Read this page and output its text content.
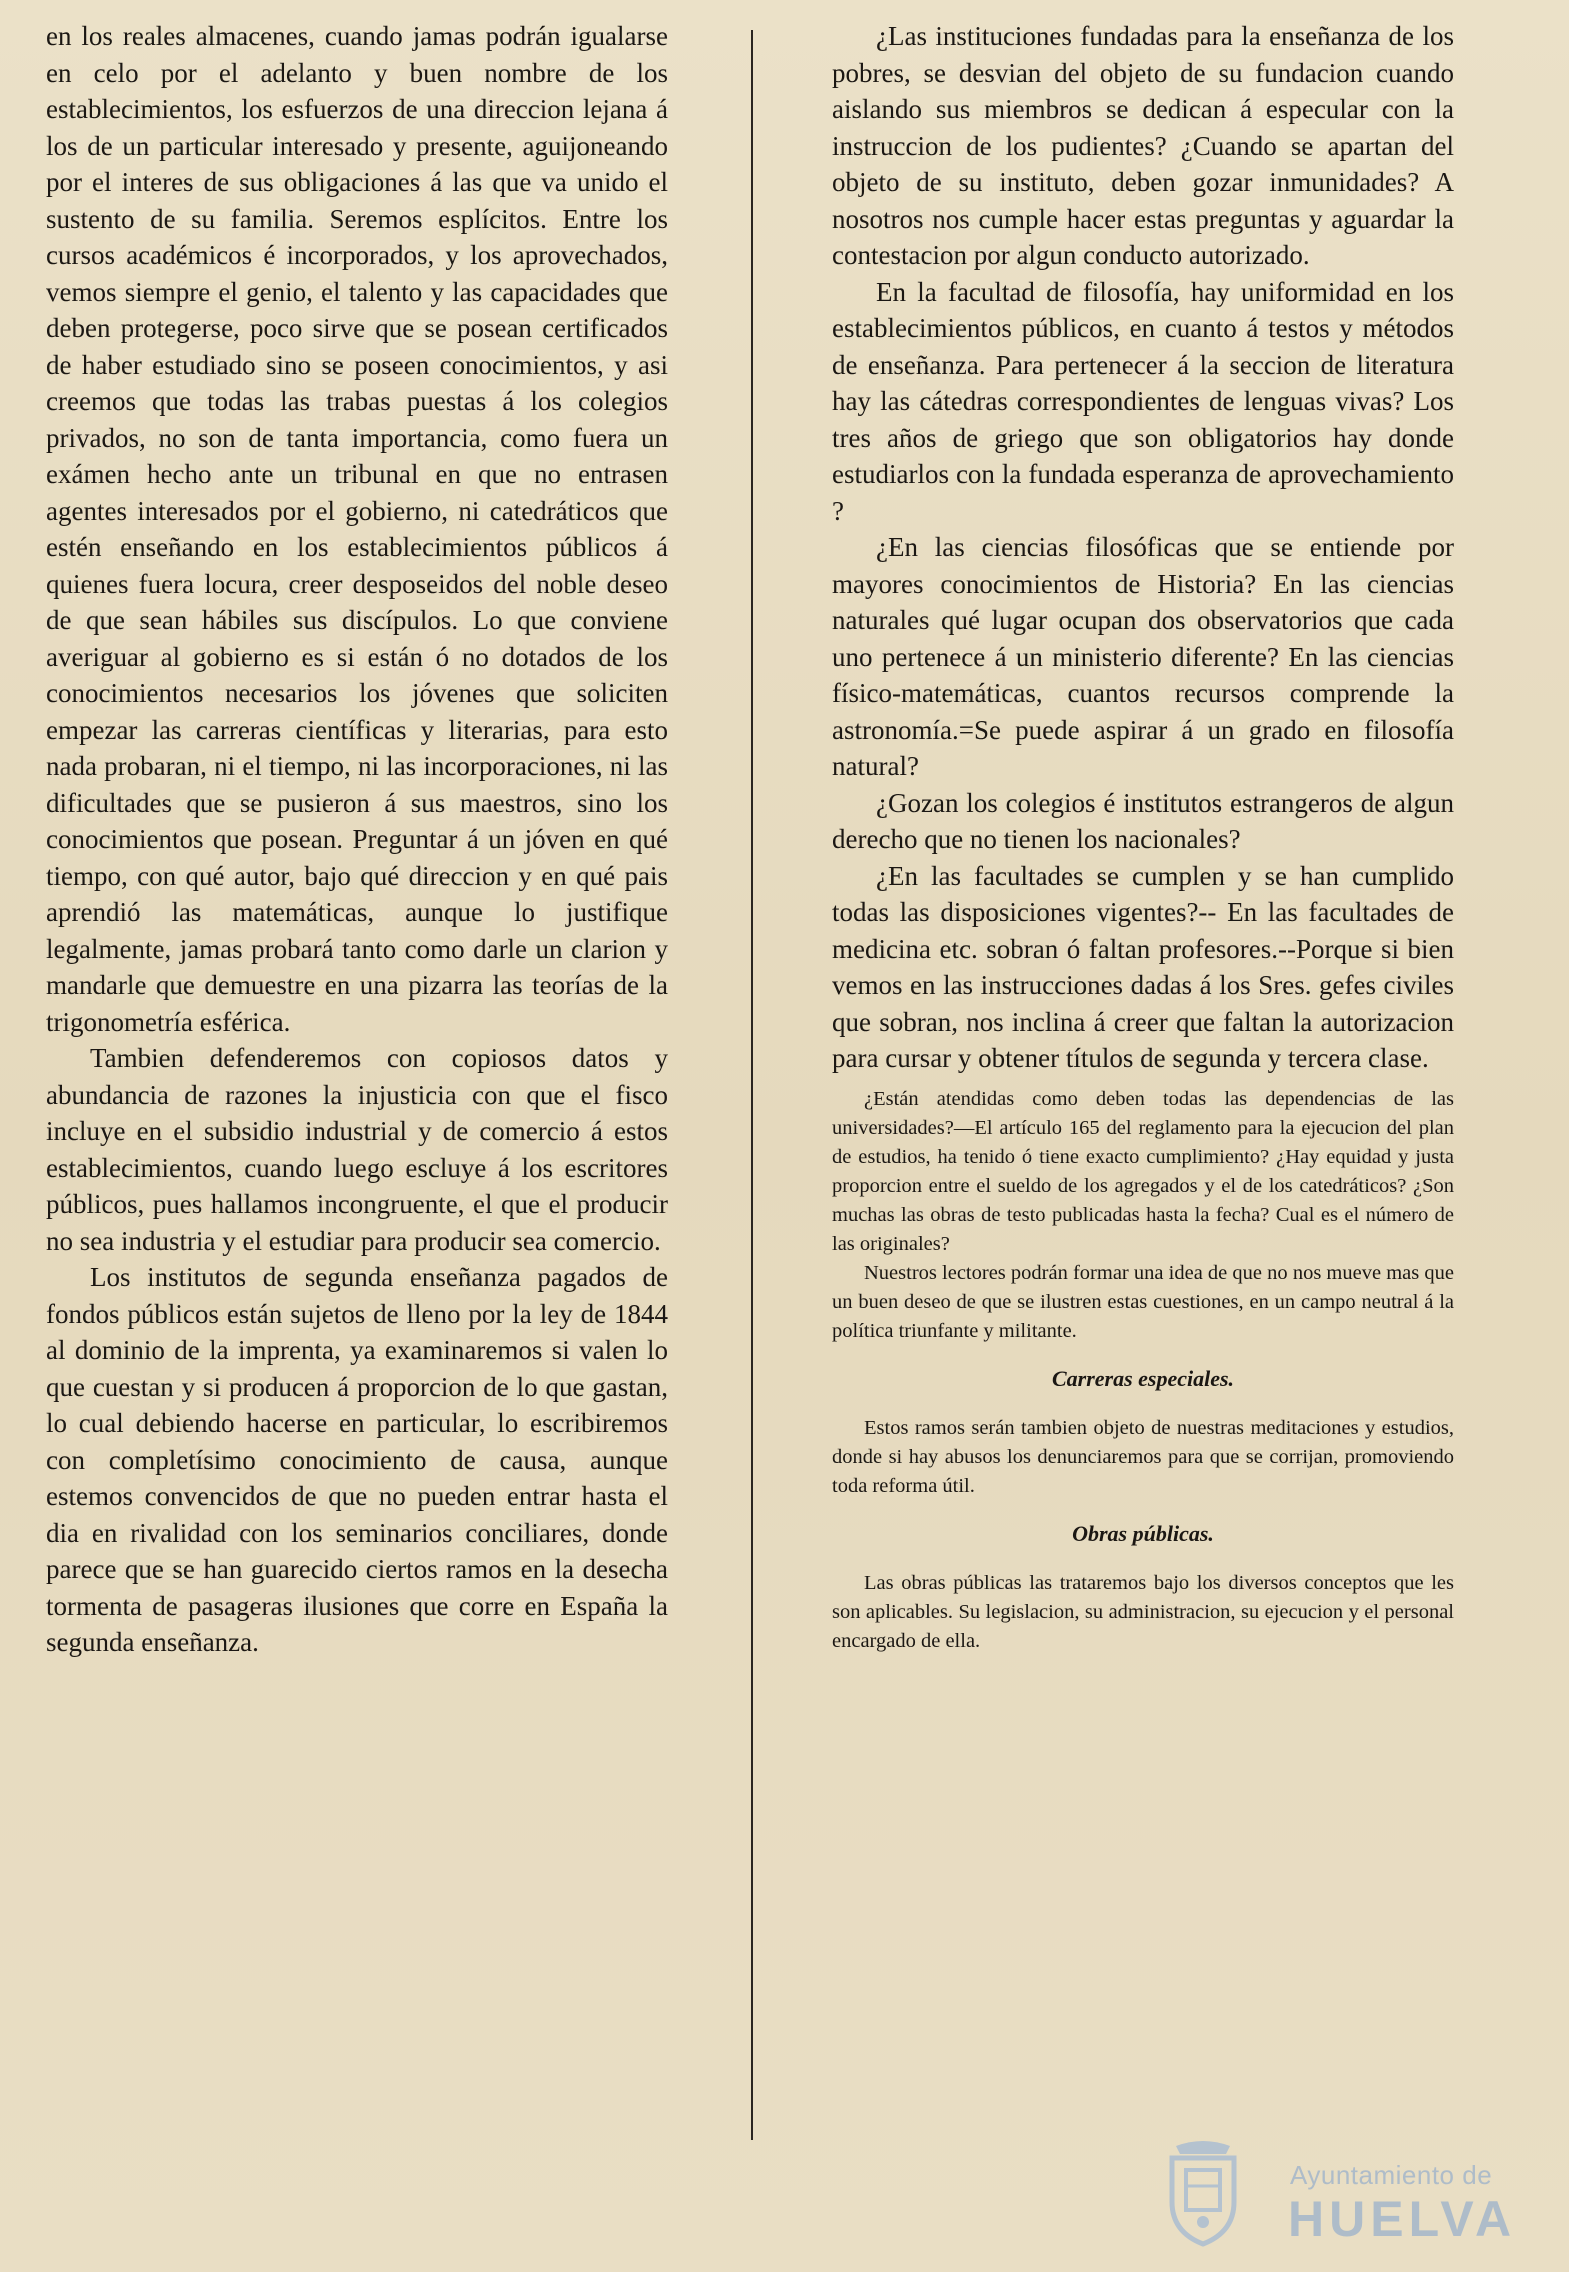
en los reales almacenes, cuando jamas podrán igualarse en celo por el adelanto y buen nombre de los establecimientos, los esfuerzos de una direccion lejana á los de un particular interesado y presente, aguijoneando por el interes de sus obligaciones á las que va unido el sustento de su familia. Seremos esplícitos. Entre los cursos académicos é incorporados, y los aprovechados, vemos siempre el genio, el talento y las capacidades que deben protegerse, poco sirve que se posean certificados de haber estudiado sino se poseen conocimientos, y asi creemos que todas las trabas puestas á los colegios privados, no son de tanta importancia, como fuera un exámen hecho ante un tribunal en que no entrasen agentes interesados por el gobierno, ni catedráticos que estén enseñando en los establecimientos públicos á quienes fuera locura, creer desposeidos del noble deseo de que sean hábiles sus discípulos. Lo que conviene averiguar al gobierno es si están ó no dotados de los conocimientos necesarios los jóvenes que soliciten empezar las carreras científicas y literarias, para esto nada probaran, ni el tiempo, ni las incorporaciones, ni las dificultades que se pusieron á sus maestros, sino los conocimientos que posean. Preguntar á un jóven en qué tiempo, con qué autor, bajo qué direccion y en qué pais aprendió las matemáticas, aunque lo justifique legalmente, jamas probará tanto como darle un clarion y mandarle que demuestre en una pizarra las teorías de la trigonometría esférica.

Tambien defenderemos con copiosos datos y abundancia de razones la injusticia con que el fisco incluye en el subsidio industrial y de comercio á estos establecimientos, cuando luego escluye á los escritores públicos, pues hallamos incongruente, el que el producir no sea industria y el estudiar para producir sea comercio.

Los institutos de segunda enseñanza pagados de fondos públicos están sujetos de lleno por la ley de 1844 al dominio de la imprenta, ya examinaremos si valen lo que cuestan y si producen á proporcion de lo que gastan, lo cual debiendo hacerse en particular, lo escribiremos con completísimo conocimiento de causa, aunque estemos convencidos de que no pueden entrar hasta el dia en rivalidad con los seminarios conciliares, donde parece que se han guarecido ciertos ramos en la desecha tormenta de pasageras ilusiones que corre en España la segunda enseñanza.

¿Las instituciones fundadas para la enseñanza de los pobres, se desvian del objeto de su fundacion cuando aislando sus miembros se dedican á especular con la instruccion de los pudientes? ¿Cuando se apartan del objeto de su instituto, deben gozar inmunidades? A nosotros nos cumple hacer estas preguntas y aguardar la contestacion por algun conducto autorizado.

En la facultad de filosofía, hay uniformidad en los establecimientos públicos, en cuanto á testos y métodos de enseñanza. Para pertenecer á la seccion de literatura hay las cátedras correspondientes de lenguas vivas? Los tres años de griego que son obligatorios hay donde estudiarlos con la fundada esperanza de aprovechamiento ?

¿En las ciencias filosóficas que se entiende por mayores conocimientos de Historia? En las ciencias naturales qué lugar ocupan dos observatorios que cada uno pertenece á un ministerio diferente? En las ciencias físico-matemáticas, cuantos recursos comprende la astronomía.=Se puede aspirar á un grado en filosofía natural?

¿Gozan los colegios é institutos estrangeros de algun derecho que no tienen los nacionales?

¿En las facultades se cumplen y se han cumplido todas las disposiciones vigentes?-- En las facultades de medicina etc. sobran ó faltan profesores.--Porque si bien vemos en las instrucciones dadas á los Sres. gefes civiles que sobran, nos inclina á creer que faltan la autorizacion para cursar y obtener títulos de segunda y tercera clase.

¿Están atendidas como deben todas las dependencias de las universidades?—El artículo 165 del reglamento para la ejecucion del plan de estudios, ha tenido ó tiene exacto cumplimiento? ¿Hay equidad y justa proporcion entre el sueldo de los agregados y el de los catedráticos? ¿Son muchas las obras de testo publicadas hasta la fecha? Cual es el número de las originales?

Nuestros lectores podrán formar una idea de que no nos mueve mas que un buen deseo de que se ilustren estas cuestiones, en un campo neutral á la política triunfante y militante.

Carreras especiales.

Estos ramos serán tambien objeto de nuestras meditaciones y estudios, donde si hay abusos los denunciaremos para que se corrijan, promoviendo toda reforma útil.

Obras públicas.

Las obras públicas las trataremos bajo los diversos conceptos que les son aplicables. Su legislacion, su administracion, su ejecucion y el personal encargado de ella.

Ayuntamiento de
HUELVA
